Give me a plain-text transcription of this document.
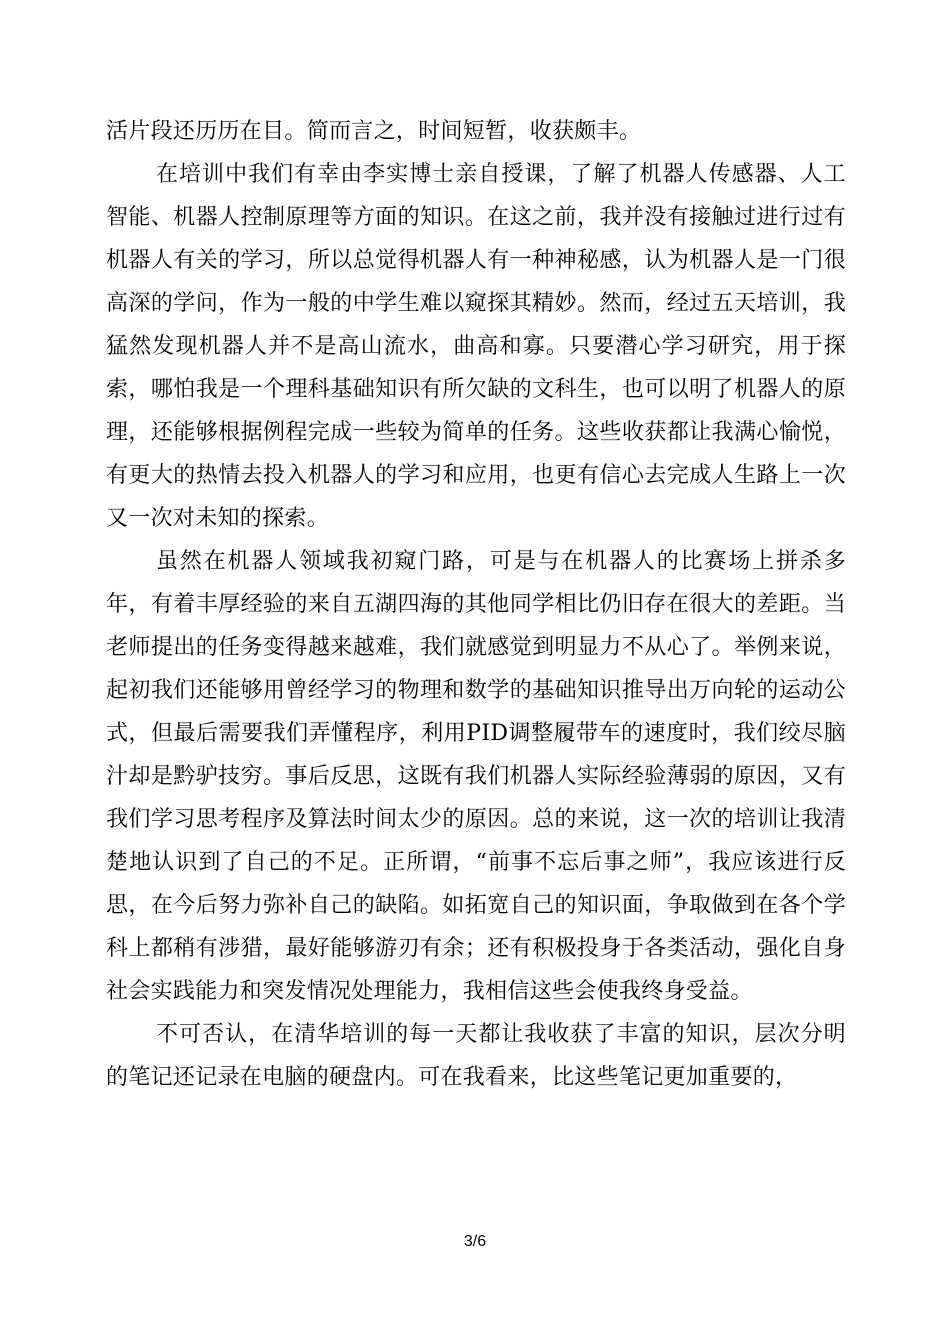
活片段还历历在目。简而言之，时间短暂，收获颇丰。

在培训中我们有幸由李实博士亲自授课，了解了机器人传感器、人工智能、机器人控制原理等方面的知识。在这之前，我并没有接触过进行过有机器人有关的学习，所以总觉得机器人有一种神秘感，认为机器人是一门很高深的学问，作为一般的中学生难以窥探其精妙。然而，经过五天培训，我猛然发现机器人并不是高山流水，曲高和寡。只要潜心学习研究，用于探索，哪怕我是一个理科基础知识有所欠缺的文科生，也可以明了机器人的原理，还能够根据例程完成一些较为简单的任务。这些收获都让我满心愉悦，有更大的热情去投入机器人的学习和应用，也更有信心去完成人生路上一次又一次对未知的探索。

虽然在机器人领域我初窥门路，可是与在机器人的比赛场上拼杀多年，有着丰厚经验的来自五湖四海的其他同学相比仍旧存在很大的差距。当老师提出的任务变得越来越难，我们就感觉到明显力不从心了。举例来说，起初我们还能够用曾经学习的物理和数学的基础知识推导出万向轮的运动公式，但最后需要我们弄懂程序，利用PID调整履带车的速度时，我们绞尽脑汁却是黔驴技穷。事后反思，这既有我们机器人实际经验薄弱的原因，又有我们学习思考程序及算法时间太少的原因。总的来说，这一次的培训让我清楚地认识到了自己的不足。正所谓，“前事不忘后事之师”，我应该进行反思，在今后努力弥补自己的缺陷。如拓宽自己的知识面，争取做到在各个学科上都稍有涉猎，最好能够游刃有余；还有积极投身于各类活动，强化自身社会实践能力和突发情况处理能力，我相信这些会使我终身受益。

不可否认，在清华培训的每一天都让我收获了丰富的知识，层次分明的笔记还记录在电脑的硬盘内。可在我看来，比这些笔记更加重要的，

3/6
